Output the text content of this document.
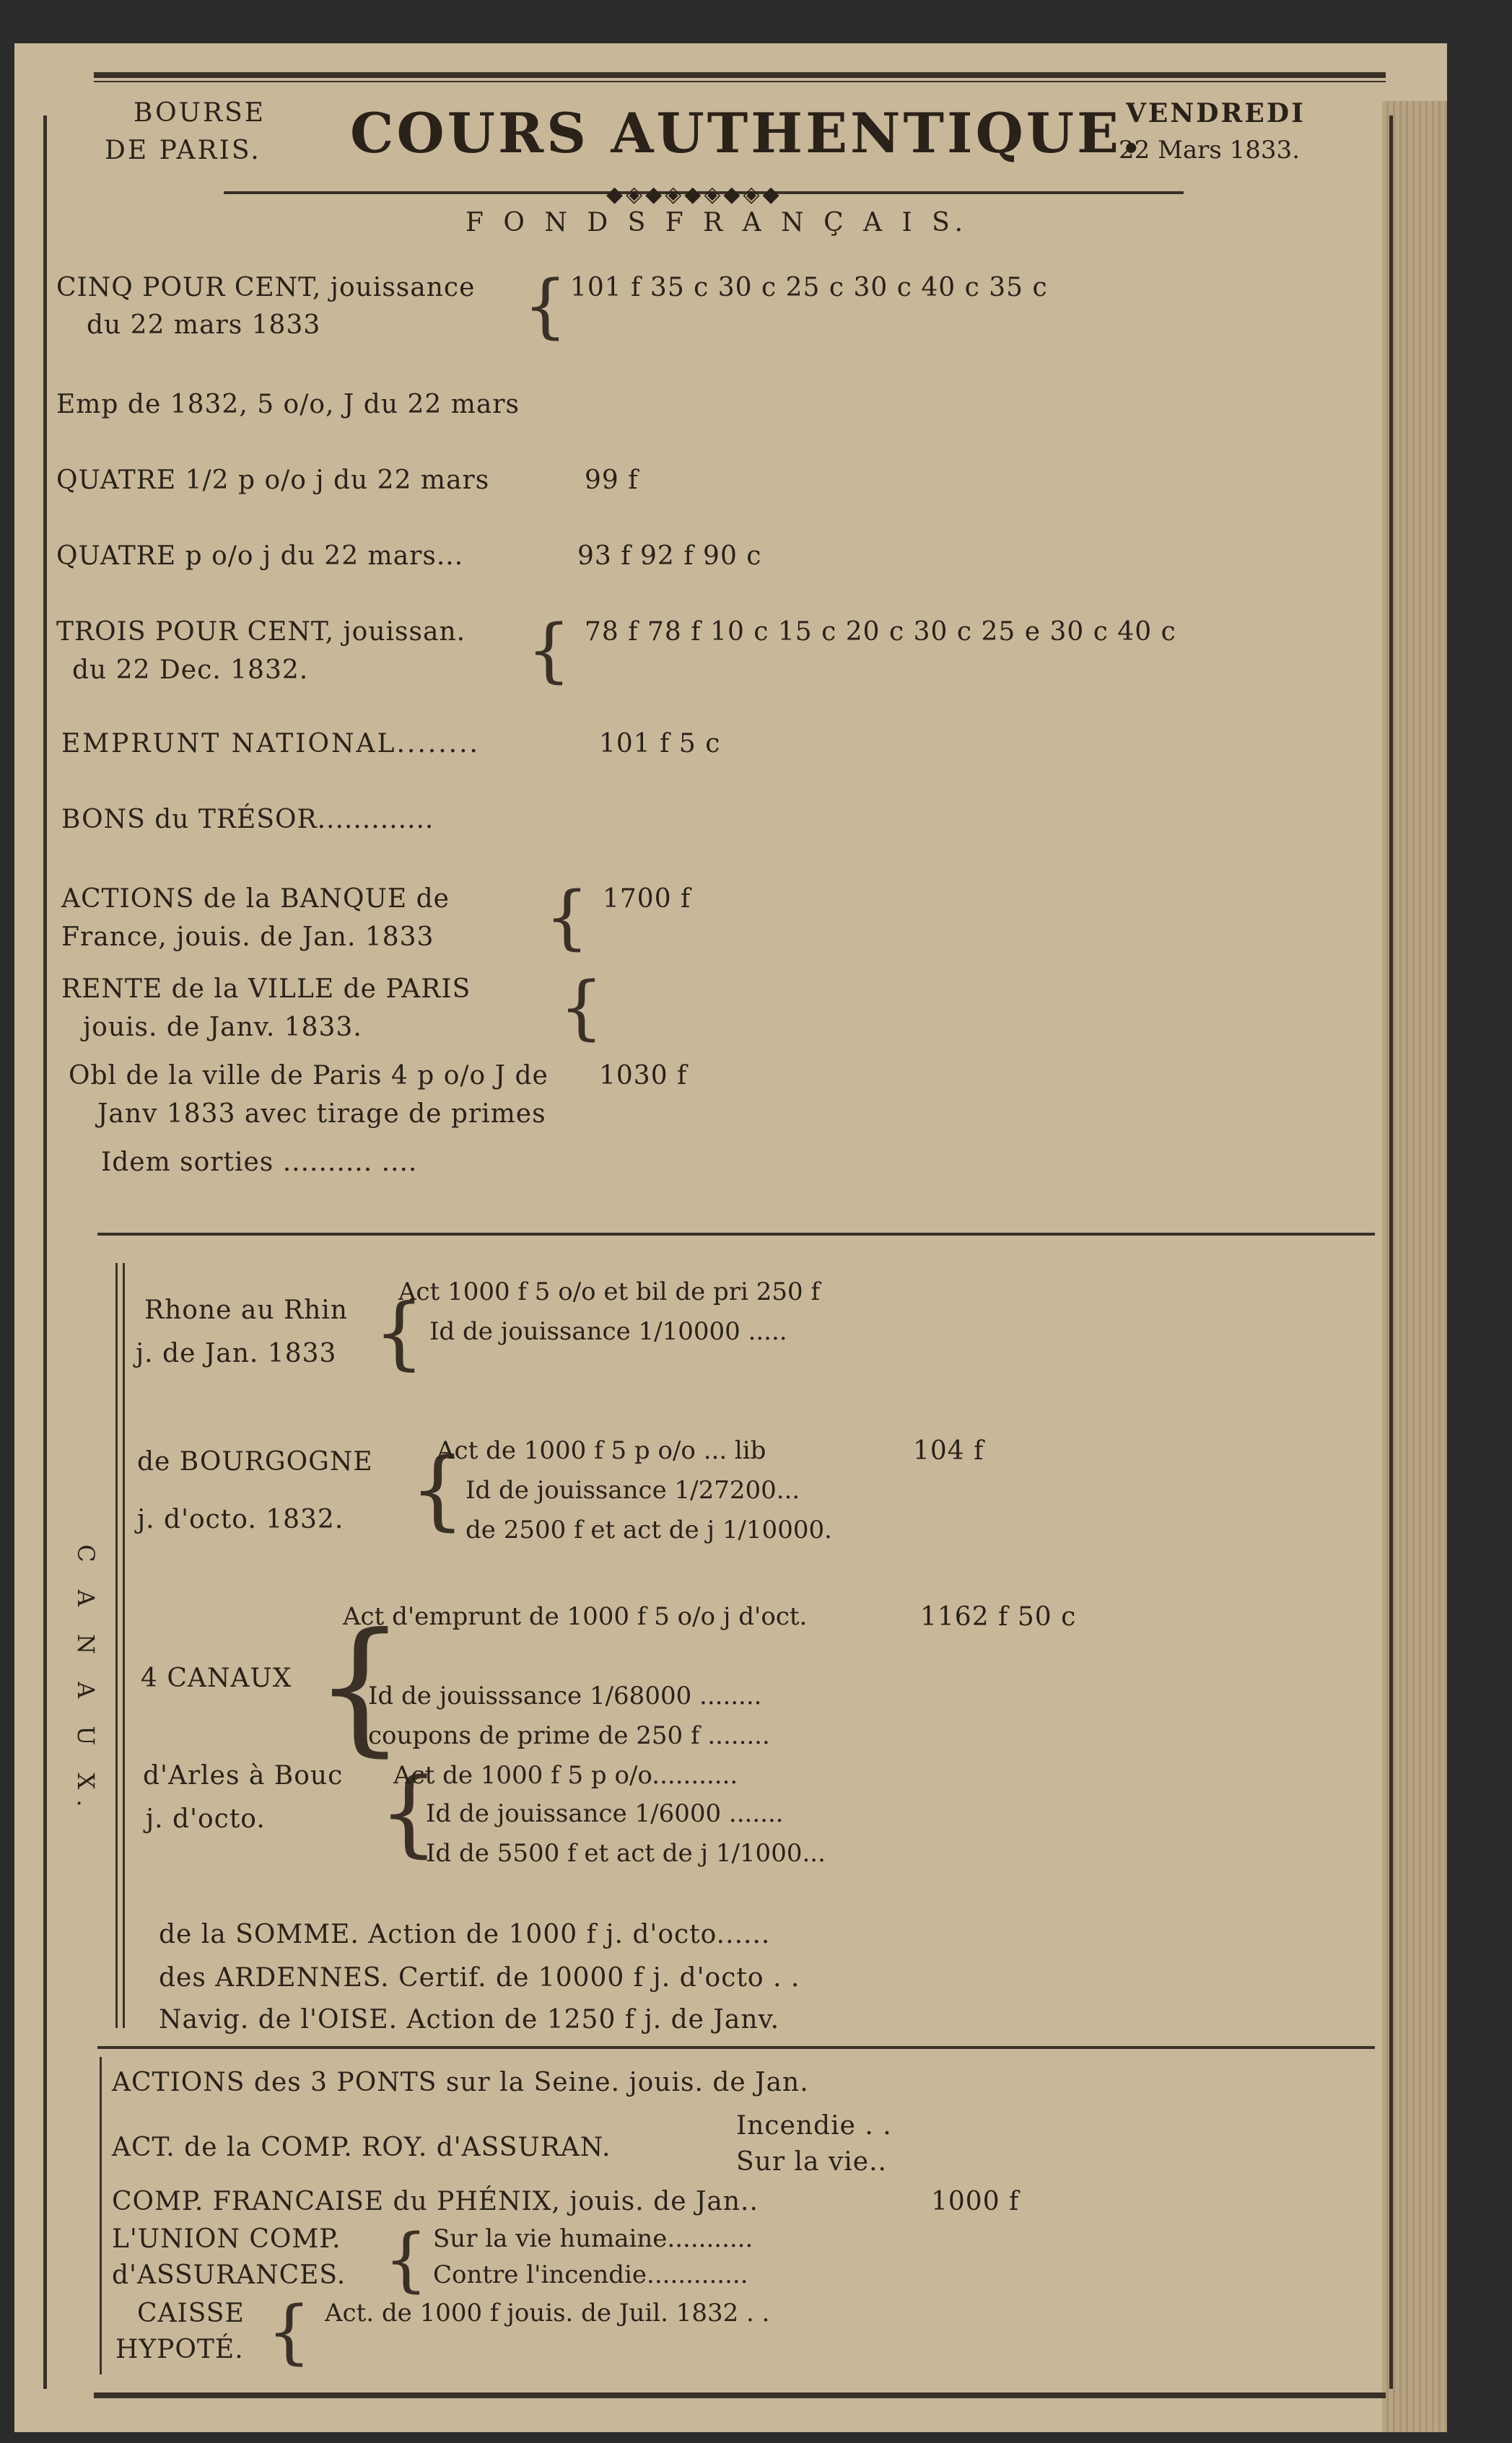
BOURSE
DE PARIS. COURS AUTHENTIQUE.
VENDREDI
22 Mars 1833.
◆◈◆◈◆◈◆◈◆
F O N D S F R A N Ç A I S.
CINQ POUR CENT, jouissance
du 22 mars 1833	{ 101 f 35 c 30 c 25 c 30 c 40 c 35 c
Emp de 1832, 5 o/o, J du 22 mars
QUATRE 1/2 p o/o j du 22 mars	99 f
QUATRE p o/o j du 22 mars...	93 f 92 f 90 c
TROIS POUR CENT, jouissan.
du 22 Dec. 1832.	{ 78 f 78 f 10 c 15 c 20 c 30 c 25 e 30 c 40 c
EMPRUNT NATIONAL........	101 f 5 c
BONS du TRÉSOR.............
ACTIONS de la BANQUE de
France, jouis. de Jan. 1833 { 1700 f
RENTE de la VILLE de PARIS
jouis. de Janv. 1833.	{
Obl de la ville de Paris 4 p o/o J de
Janv 1833 avec tirage de primes
1030 f
Idem sorties .......... ....
C A N A U X.
Rhone au Rhin
j. de Jan. 1833 {
Act 1000 f 5 o/o et bil de pri 250 f
Id de jouissance 1/10000 .....
de BOURGOGNE
j. d'octo. 1832. {
Act de 1000 f 5 p o/o ... lib
Id de jouissance 1/27200...
de 2500 f et act de j 1/10000.
104 f
4 CANAUX {
Act d'emprunt de 1000 f 5 o/o j d'oct.
Id de jouisssance 1/68000 ........
coupons de prime de 250 f ........
1162 f 50 c
d'Arles à Bouc
j. d'octo. {
Act de 1000 f 5 p o/o...........
Id de jouissance 1/6000 .......
Id de 5500 f et act de j 1/1000...
de la SOMME. Action de 1000 f j. d'octo......
des ARDENNES. Certif. de 10000 f j. d'octo . .
Navig. de l'OISE. Action de 1250 f j. de Janv.
ACTIONS des 3 PONTS sur la Seine. jouis. de Jan.
ACT. de la COMP. ROY. d'ASSURAN.
Incendie . .
Sur la vie..
COMP. FRANCAISE du PHÉNIX, jouis. de Jan..	1000 f
L'UNION COMP.
d'ASSURANCES. { Sur la vie humaine...........
Contre l'incendie.............
CAISSE
HYPOTÉ. { Act. de 1000 f jouis. de Juil. 1832 . .
